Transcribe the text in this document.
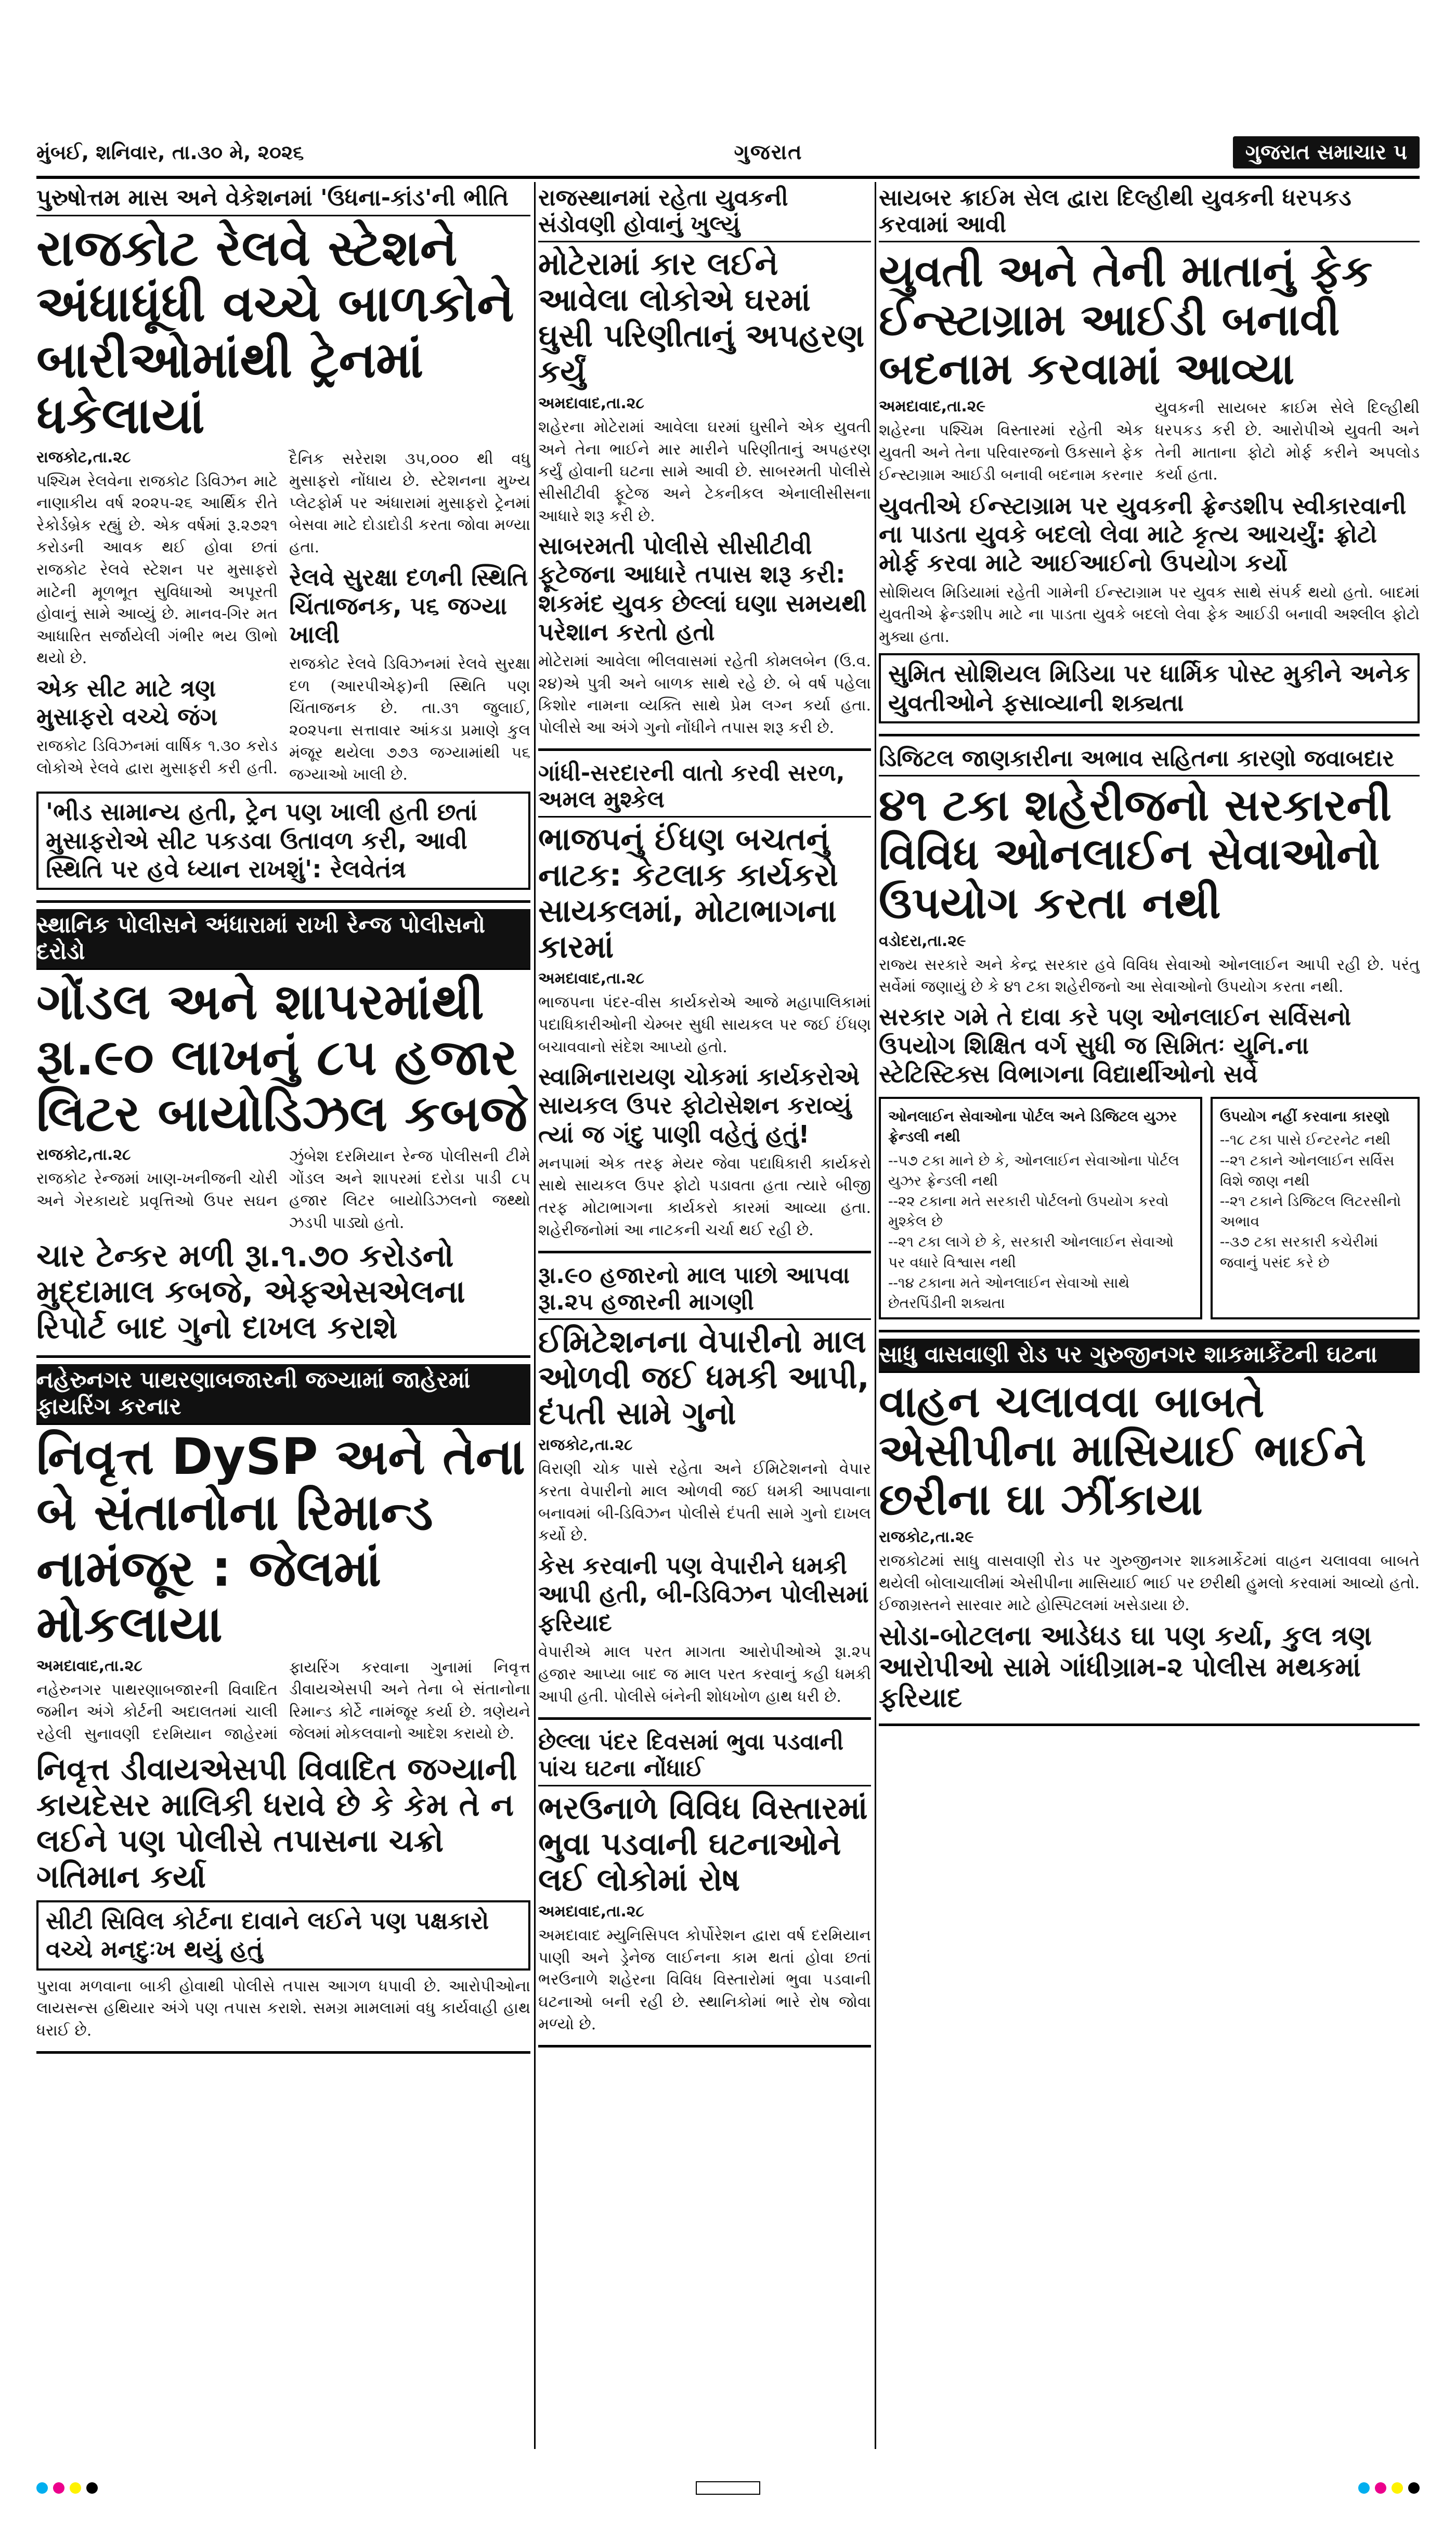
મુંબઈ, શનિવાર, તા.૩૦ મે, ૨૦૨૬	ગુજરાત	ગુજરાત સમાચાર ૫
પુરુષોત્તમ માસ અને વેકેશનમાં 'ઉધના-કાંડ'ની ભીતિ
રાજકોટ રેલવે સ્ટેશને અંધાધૂંધી વચ્ચે બાળકોને બારીઓમાંથી ટ્રેનમાં ધકેલાયાં
રાજકોટ,તા.૨૮
પશ્ચિમ રેલવેના રાજકોટ ડિવિઝન માટે નાણાકીય વર્ષ ૨૦૨૫-૨૬ આર્થિક રીતે રેકોર્ડબ્રેક રહ્યું છે. એક વર્ષમાં રૂ.૨૭૨૧ કરોડની આવક થઈ હોવા છતાં રાજકોટ રેલવે સ્ટેશન પર મુસાફરો માટેની મૂળભૂત સુવિધાઓ અપૂરતી હોવાનું સામે આવ્યું છે. માનવ-ગિર મત આધારિત સર્જાયેલી ગંભીર ભય ઊભો થયો છે.
એક સીટ માટે ત્રણ મુસાફરો વચ્ચે જંગ
રાજકોટ ડિવિઝનમાં વાર્ષિક ૧.૩૦ કરોડ લોકોએ રેલવે દ્વારા મુસાફરી કરી હતી. દૈનિક સરેરાશ ૩૫,૦૦૦ થી વધુ મુસાફરો નોંધાય છે. સ્ટેશનના મુખ્ય પ્લેટફોર્મ પર અંધારામાં મુસાફરો ટ્રેનમાં બેસવા માટે દોડાદોડી કરતા જોવા મળ્યા હતા.
રેલવે સુરક્ષા દળની સ્થિતિ ચિંતાજનક, ૫૬ જગ્યા ખાલી
રાજકોટ રેલવે ડિવિઝનમાં રેલવે સુરક્ષા દળ (આરપીએફ)ની સ્થિતિ પણ ચિંતાજનક છે. તા.૩૧ જુલાઈ, ૨૦૨૫ના સત્તાવાર આંકડા પ્રમાણે કુલ મંજૂર થયેલા ૭૭૩ જગ્યામાંથી ૫૬ જગ્યાઓ ખાલી છે.
'ભીડ સામાન્ય હતી, ટ્રેન પણ ખાલી હતી છતાં મુસાફરોએ સીટ પકડવા ઉતાવળ કરી, આવી સ્થિતિ પર હવે ધ્યાન રાખશું': રેલવેતંત્ર
સ્થાનિક પોલીસને અંધારામાં રાખી રેન્જ પોલીસનો દરોડો
ગોંડલ અને શાપરમાંથી રૂા.૯૦ લાખનું ૮૫ હજાર લિટર બાયોડિઝલ કબજે
રાજકોટ,તા.૨૮
રાજકોટ રેન્જમાં ખાણ-ખનીજની ચોરી અને ગેરકાયદે પ્રવૃત્તિઓ ઉપર સઘન ઝુંબેશ દરમિયાન રેન્જ પોલીસની ટીમે ગોંડલ અને શાપરમાં દરોડા પાડી ૮૫ હજાર લિટર બાયોડિઝલનો જથ્થો ઝડપી પાડ્યો હતો.
ચાર ટેન્કર મળી રૂા.૧.૭૦ કરોડનો મુદ્દામાલ કબજે, એફએસએલના રિપોર્ટ બાદ ગુનો દાખલ કરાશે
નહેરુનગર પાથરણાબજારની જગ્યામાં જાહેરમાં ફાયરિંગ કરનાર
નિવૃત્ત DySP અને તેના બે સંતાનોના રિમાન્ડ નામંજૂર : જેલમાં મોકલાયા
અમદાવાદ,તા.૨૮
નહેરુનગર પાથરણાબજારની વિવાદિત જમીન અંગે કોર્ટની અદાલતમાં ચાલી રહેલી સુનાવણી દરમિયાન જાહેરમાં ફાયરિંગ કરવાના ગુનામાં નિવૃત્ત ડીવાયએસપી અને તેના બે સંતાનોના રિમાન્ડ કોર્ટે નામંજૂર કર્યા છે. ત્રણેયને જેલમાં મોકલવાનો આદેશ કરાયો છે.
નિવૃત્ત ડીવાયએસપી વિવાદિત જગ્યાની કાયદેસર માલિકી ધરાવે છે કે કેમ તે ન લઈને પણ પોલીસે તપાસના ચક્રો ગતિમાન કર્યા
સીટી સિવિલ કોર્ટના દાવાને લઈને પણ પક્ષકારો વચ્ચે મનદુઃખ થયું હતું
પુરાવા મળવાના બાકી હોવાથી પોલીસે તપાસ આગળ ધપાવી છે. આરોપીઓના લાયસન્સ હથિયાર અંગે પણ તપાસ કરાશે. સમગ્ર મામલામાં વધુ કાર્યવાહી હાથ ધરાઈ છે.
રાજસ્થાનમાં રહેતા યુવકની સંડોવણી હોવાનું ખુલ્યું
મોટેરામાં કાર લઈને આવેલા લોકોએ ઘરમાં ઘુસી પરિણીતાનું અપહરણ કર્યું
અમદાવાદ,તા.૨૮
શહેરના મોટેરામાં આવેલા ઘરમાં ઘુસીને એક યુવતી અને તેના ભાઈને માર મારીને પરિણીતાનું અપહરણ કર્યું હોવાની ઘટના સામે આવી છે. સાબરમતી પોલીસે સીસીટીવી ફૂટેજ અને ટેકનીકલ એનાલીસીસના આધારે શરૂ કરી છે.
સાબરમતી પોલીસે સીસીટીવી ફૂટેજના આધારે તપાસ શરૂ કરી: શકમંદ યુવક છેલ્લાં ઘણા સમયથી પરેશાન કરતો હતો
મોટેરામાં આવેલા ભીલવાસમાં રહેતી કોમલબેન (ઉ.વ. ૨૪)એ પુત્રી અને બાળક સાથે રહે છે. બે વર્ષ પહેલા કિશોર નામના વ્યક્તિ સાથે પ્રેમ લગ્ન કર્યા હતા. પોલીસે આ અંગે ગુનો નોંધીને તપાસ શરૂ કરી છે.
ગાંધી-સરદારની વાતો કરવી સરળ, અમલ મુશ્કેલ
ભાજપનું ઈંધણ બચતનું નાટક: કેટલાક કાર્યકરો સાયકલમાં, મોટાભાગના કારમાં
અમદાવાદ,તા.૨૮
ભાજપના પંદર-વીસ કાર્યકરોએ આજે મહાપાલિકામાં પદાધિકારીઓની ચેમ્બર સુધી સાયકલ પર જઈ ઈંધણ બચાવવાનો સંદેશ આપ્યો હતો.
સ્વામિનારાયણ ચોકમાં કાર્યકરોએ સાયકલ ઉપર ફોટોસેશન કરાવ્યું ત્યાં જ ગંદુ પાણી વહેતું હતું!
મનપામાં એક તરફ મેયર જેવા પદાધિકારી કાર્યકરો સાથે સાયકલ ઉપર ફોટો પડાવતા હતા ત્યારે બીજી તરફ મોટાભાગના કાર્યકરો કારમાં આવ્યા હતા. શહેરીજનોમાં આ નાટકની ચર્ચા થઈ રહી છે.
રૂા.૯૦ હજારનો માલ પાછો આપવા રૂા.૨૫ હજારની માગણી
ઈમિટેશનના વેપારીનો માલ ઓળવી જઈ ધમકી આપી, દંપતી સામે ગુનો
રાજકોટ,તા.૨૮
વિરાણી ચોક પાસે રહેતા અને ઈમિટેશનનો વેપાર કરતા વેપારીનો માલ ઓળવી જઈ ધમકી આપવાના બનાવમાં બી-ડિવિઝન પોલીસે દંપતી સામે ગુનો દાખલ કર્યો છે.
કેસ કરવાની પણ વેપારીને ધમકી આપી હતી, બી-ડિવિઝન પોલીસમાં ફરિયાદ
વેપારીએ માલ પરત માગતા આરોપીઓએ રૂા.૨૫ હજાર આપ્યા બાદ જ માલ પરત કરવાનું કહી ધમકી આપી હતી. પોલીસે બંનેની શોધખોળ હાથ ધરી છે.
છેલ્લા પંદર દિવસમાં ભુવા પડવાની પાંચ ઘટના નોંધાઈ
ભરઉનાળે વિવિધ વિસ્તારમાં ભુવા પડવાની ઘટનાઓને લઈ લોકોમાં રોષ
અમદાવાદ,તા.૨૮
અમદાવાદ મ્યુનિસિપલ કોર્પોરેશન દ્વારા વર્ષ દરમિયાન પાણી અને ડ્રેનેજ લાઈનના કામ થતાં હોવા છતાં ભરઉનાળે શહેરના વિવિધ વિસ્તારોમાં ભુવા પડવાની ઘટનાઓ બની રહી છે. સ્થાનિકોમાં ભારે રોષ જોવા મળ્યો છે.
સાયબર ક્રાઈમ સેલ દ્વારા દિલ્હીથી યુવકની ધરપકડ કરવામાં આવી
યુવતી અને તેની માતાનું ફેક ઈન્સ્ટાગ્રામ આઈડી બનાવી બદનામ કરવામાં આવ્યા
અમદાવાદ,તા.૨૯
શહેરના પશ્ચિમ વિસ્તારમાં રહેતી એક યુવતી અને તેના પરિવારજનો ઉકસાને ફેક ઈન્સ્ટાગ્રામ આઈડી બનાવી બદનામ કરનાર યુવકની સાયબર ક્રાઈમ સેલે દિલ્હીથી ધરપકડ કરી છે. આરોપીએ યુવતી અને તેની માતાના ફોટો મોર્ફ કરીને અપલોડ કર્યા હતા.
યુવતીએ ઈન્સ્ટાગ્રામ પર યુવકની ફ્રેન્ડશીપ સ્વીકારવાની ના પાડતા યુવકે બદલો લેવા માટે કૃત્ય આચર્યું: ફ્રોટો મોર્ફ કરવા માટે આઈઆઈનો ઉપયોગ કર્યો
સોશિયલ મિડિયામાં રહેતી ગામેની ઈન્સ્ટાગ્રામ પર યુવક સાથે સંપર્ક થયો હતો. બાદમાં યુવતીએ ફ્રેન્ડશીપ માટે ના પાડતા યુવકે બદલો લેવા ફેક આઈડી બનાવી અશ્લીલ ફોટો મુક્યા હતા.
સુમિત સોશિયલ મિડિયા પર ધાર્મિક પોસ્ટ મુકીને અનેક યુવતીઓને ફસાવ્યાની શક્યતા
ડિજિટલ જાણકારીના અભાવ સહિતના કારણો જવાબદાર
૪૧ ટકા શહેરીજનો સરકારની વિવિધ ઓનલાઈન સેવાઓનો ઉપયોગ કરતા નથી
વડોદરા,તા.૨૯
રાજ્ય સરકારે અને કેન્દ્ર સરકાર હવે વિવિધ સેવાઓ ઓનલાઈન આપી રહી છે. પરંતુ સર્વેમાં જણાયું છે કે ૪૧ ટકા શહેરીજનો આ સેવાઓનો ઉપયોગ કરતા નથી.
સરકાર ગમે તે દાવા કરે પણ ઓનલાઈન સર્વિસનો ઉપયોગ શિક્ષિત વર્ગ સુધી જ સિમિતઃ યુનિ.ના સ્ટેટિસ્ટિક્સ વિભાગના વિદ્યાર્થીઓનો સર્વે
ઓનલાઈન સેવાઓના પોર્ટલ અને ડિજિટલ યુઝર ફ્રેન્ડલી નથી
--૫૭ ટકા માને છે કે, ઓનલાઈન સેવાઓના પોર્ટલ યુઝર ફ્રેન્ડલી નથી
--૨૨ ટકાના મતે સરકારી પોર્ટલનો ઉપયોગ કરવો મુશ્કેલ છે
--૨૧ ટકા લાગે છે કે, સરકારી ઓનલાઈન સેવાઓ પર વધારે વિશ્વાસ નથી
--૧૪ ટકાના મતે ઓનલાઈન સેવાઓ સાથે છેતરપિંડીની શક્યતા
ઉપયોગ નહીં કરવાના કારણો
--૧૮ ટકા પાસે ઈન્ટરનેટ નથી
--૨૧ ટકાને ઓનલાઈન સર્વિસ વિશે જાણ નથી
--૨૧ ટકાને ડિજિટલ લિટરસીનો અભાવ
--૩૭ ટકા સરકારી કચેરીમાં જવાનું પસંદ કરે છે
સાધુ વાસવાણી રોડ પર ગુરુજીનગર શાકમાર્કેટની ઘટના
વાહન ચલાવવા બાબતે એસીપીના માસિયાઈ ભાઈને છરીના ઘા ઝીંકાયા
રાજકોટ,તા.૨૯
રાજકોટમાં સાધુ વાસવાણી રોડ પર ગુરુજીનગર શાકમાર્કેટમાં વાહન ચલાવવા બાબતે થયેલી બોલાચાલીમાં એસીપીના માસિયાઈ ભાઈ પર છરીથી હુમલો કરવામાં આવ્યો હતો. ઈજાગ્રસ્તને સારવાર માટે હોસ્પિટલમાં ખસેડાયા છે.
સોડા-બોટલના આડેધડ ઘા પણ કર્યા, કુલ ત્રણ આરોપીઓ સામે ગાંધીગ્રામ-૨ પોલીસ મથકમાં ફરિયાદ
